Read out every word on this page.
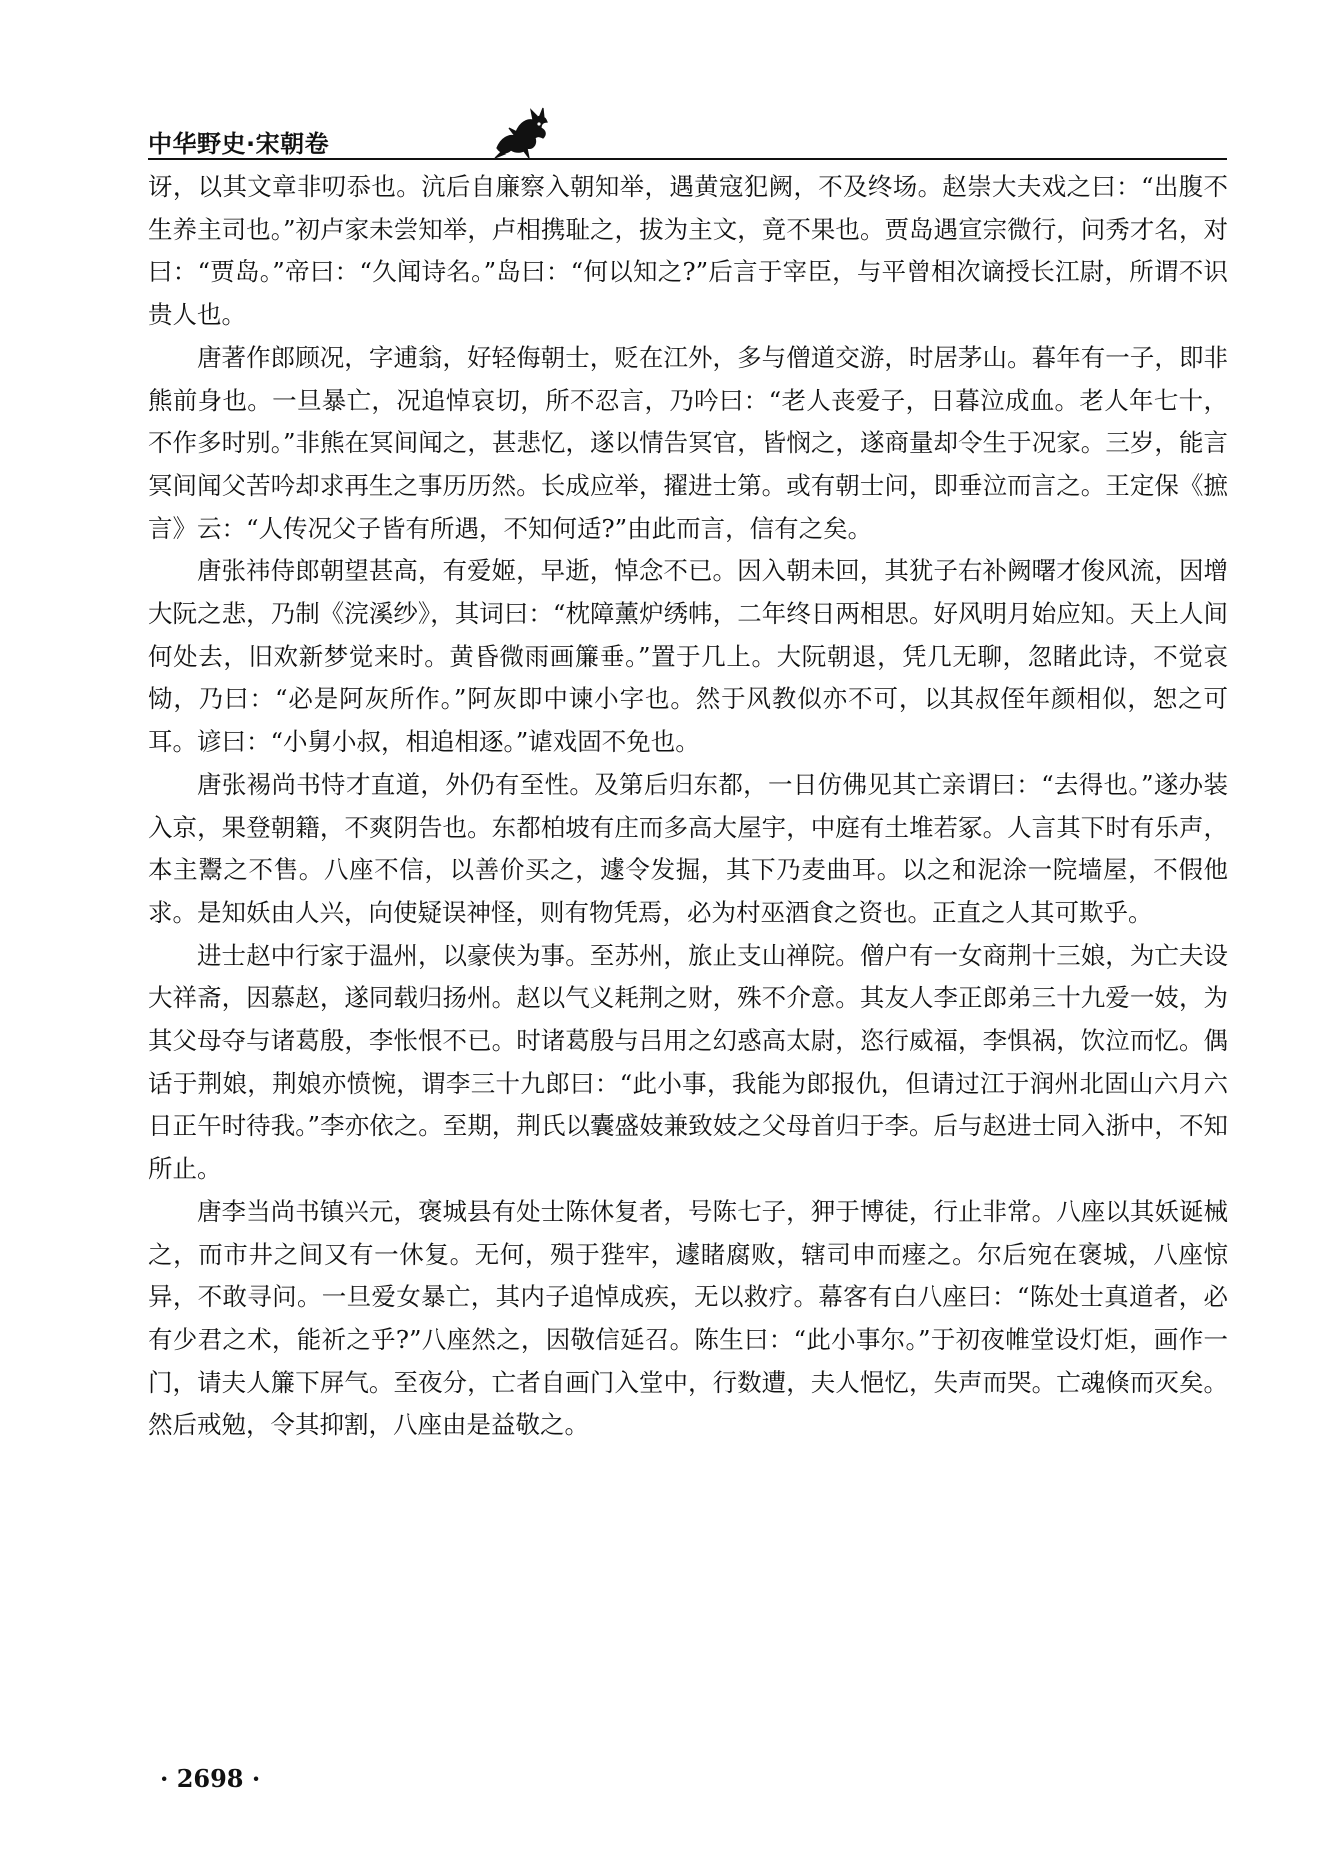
中华野史·宋朝卷

讶，以其文章非叨忝也。沆后自廉察入朝知举，遇黄寇犯阙，不及终场。赵崇大夫戏之曰：“出腹不生养主司也。”初卢家未尝知举，卢相携耻之，拔为主文，竟不果也。贾岛遇宣宗微行，问秀才名，对曰：“贾岛。”帝曰：“久闻诗名。”岛曰：“何以知之?”后言于宰臣，与平曾相次谪授长江尉，所谓不识贵人也。

唐著作郎顾况，字逋翁，好轻侮朝士，贬在江外，多与僧道交游，时居茅山。暮年有一子，即非熊前身也。一旦暴亡，况追悼哀切，所不忍言，乃吟曰：“老人丧爱子，日暮泣成血。老人年七十，不作多时别。”非熊在冥间闻之，甚悲忆，遂以情告冥官，皆悯之，遂商量却令生于况家。三岁，能言冥间闻父苦吟却求再生之事历历然。长成应举，擢进士第。或有朝士问，即垂泣而言之。王定保《摭言》云：“人传况父子皆有所遇，不知何适?”由此而言，信有之矣。

唐张祎侍郎朝望甚高，有爱姬，早逝，悼念不已。因入朝未回，其犹子右补阙曙才俊风流，因增大阮之悲，乃制《浣溪纱》，其词曰：“枕障薰炉绣帏，二年终日两相思。好风明月始应知。天上人间何处去，旧欢新梦觉来时。黄昏微雨画簾垂。”置于几上。大阮朝退，凭几无聊，忽睹此诗，不觉哀恸，乃曰：“必是阿灰所作。”阿灰即中谏小字也。然于风教似亦不可，以其叔侄年颜相似，恕之可耳。谚曰：“小舅小叔，相追相逐。”谑戏固不免也。

唐张裼尚书恃才直道，外仍有至性。及第后归东都，一日仿佛见其亡亲谓曰：“去得也。”遂办装入京，果登朝籍，不爽阴告也。东都柏坡有庄而多高大屋宇，中庭有土堆若冢。人言其下时有乐声，本主鬻之不售。八座不信，以善价买之，遽令发掘，其下乃麦曲耳。以之和泥涂一院墙屋，不假他求。是知妖由人兴，向使疑误神怪，则有物凭焉，必为村巫酒食之资也。正直之人其可欺乎。

进士赵中行家于温州，以豪侠为事。至苏州，旅止支山禅院。僧户有一女商荆十三娘，为亡夫设大祥斋，因慕赵，遂同载归扬州。赵以气义耗荆之财，殊不介意。其友人李正郎弟三十九爱一妓，为其父母夺与诸葛殷，李怅恨不已。时诸葛殷与吕用之幻惑高太尉，恣行威福，李惧祸，饮泣而忆。偶话于荆娘，荆娘亦愤惋，谓李三十九郎曰：“此小事，我能为郎报仇，但请过江于润州北固山六月六日正午时待我。”李亦依之。至期，荆氏以囊盛妓兼致妓之父母首归于李。后与赵进士同入浙中，不知所止。

唐李当尚书镇兴元，褒城县有处士陈休复者，号陈七子，狎于博徒，行止非常。八座以其妖诞械之，而市井之间又有一休复。无何，殒于狴牢，遽睹腐败，辖司申而瘗之。尔后宛在褒城，八座惊异，不敢寻问。一旦爱女暴亡，其内子追悼成疾，无以救疗。幕客有白八座曰：“陈处士真道者，必有少君之术，能祈之乎?”八座然之，因敬信延召。陈生曰：“此小事尔。”于初夜帷堂设灯炬，画作一门，请夫人簾下屏气。至夜分，亡者自画门入堂中，行数遭，夫人悒忆，失声而哭。亡魂倏而灭矣。然后戒勉，令其抑割，八座由是益敬之。

· 2698 ·
